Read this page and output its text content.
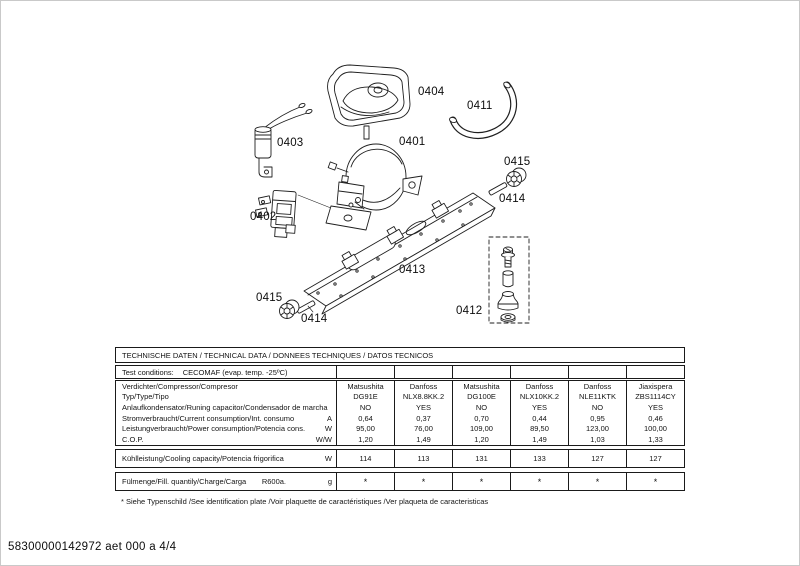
0401
0402
0403
0404
0411
0412
0413
0414
0414
0415
0415
TECHNISCHE DATEN / TECHNICAL DATA / DONNEES TECHNIQUES / DATOS TECNICOS
Test conditions: CECOMAF (evap. temp. -25ºC)
Verdichter/Compressor/Compresor	Matsushita	Danfoss	Matsushita	Danfoss	Danfoss	Jiaxispera
Typ/Type/Tipo	DG91E	NLX8.8KK.2	DG100E	NLX10KK.2	NLE11KTK	ZBS1114CY
Anlaufkondensator/Runing capacitor/Condensador de marcha	NO	YES	NO	YES	NO	YES
Stromverbraucht/Current consumption/Int. consumo	A	0,64	0,37	0,70	0,44	0,95	0,46
Leistungverbraucht/Power consumption/Potencia cons.	W	95,00	76,00	109,00	89,50	123,00	100,00
C.O.P.	W/W	1,20	1,49	1,20	1,49	1,03	1,33
Kühlleistung/Cooling capacity/Potencia frigorifica	W	114	113	131	133	127	127
Fülmenge/Fill. quantily/Charge/Carga R600a.	g	*	*	*	*	*	*
* Siehe Typenschild /See identification plate /Voir plaquette de caractéristiques /Ver plaqueta de caracteristicas
58300000142972 aet 000 a 4/4
